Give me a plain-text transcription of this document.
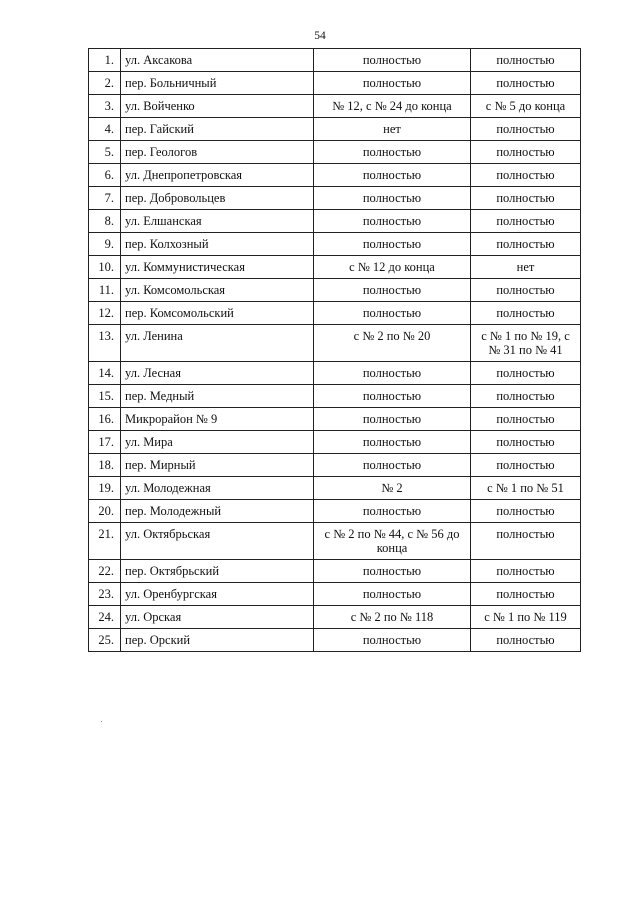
54
1.	ул. Аксакова	полностью	полностью
2.	пер. Больничный	полностью	полностью
3.	ул. Войченко	№ 12, с № 24 до конца	с № 5 до конца
4.	пер. Гайский	нет	полностью
5.	пер. Геологов	полностью	полностью
6.	ул. Днепропетровская	полностью	полностью
7.	пер. Добровольцев	полностью	полностью
8.	ул. Елшанская	полностью	полностью
9.	пер. Колхозный	полностью	полностью
10.	ул. Коммунистическая	с № 12 до конца	нет
11.	ул. Комсомольская	полностью	полностью
12.	пер. Комсомольский	полностью	полностью
13.	ул. Ленина	с № 2 по № 20	с № 1 по № 19, с № 31 по № 41
14.	ул. Лесная	полностью	полностью
15.	пер. Медный	полностью	полностью
16.	Микрорайон № 9	полностью	полностью
17.	ул. Мира	полностью	полностью
18.	пер. Мирный	полностью	полностью
19.	ул. Молодежная	№ 2	с № 1 по № 51
20.	пер. Молодежный	полностью	полностью
21.	ул. Октябрьская	с № 2 по № 44, с № 56 до конца	полностью
22.	пер. Октябрьский	полностью	полностью
23.	ул. Оренбургская	полностью	полностью
24.	ул. Орская	с № 2 по № 118	с № 1 по № 119
25.	пер. Орский	полностью	полностью
